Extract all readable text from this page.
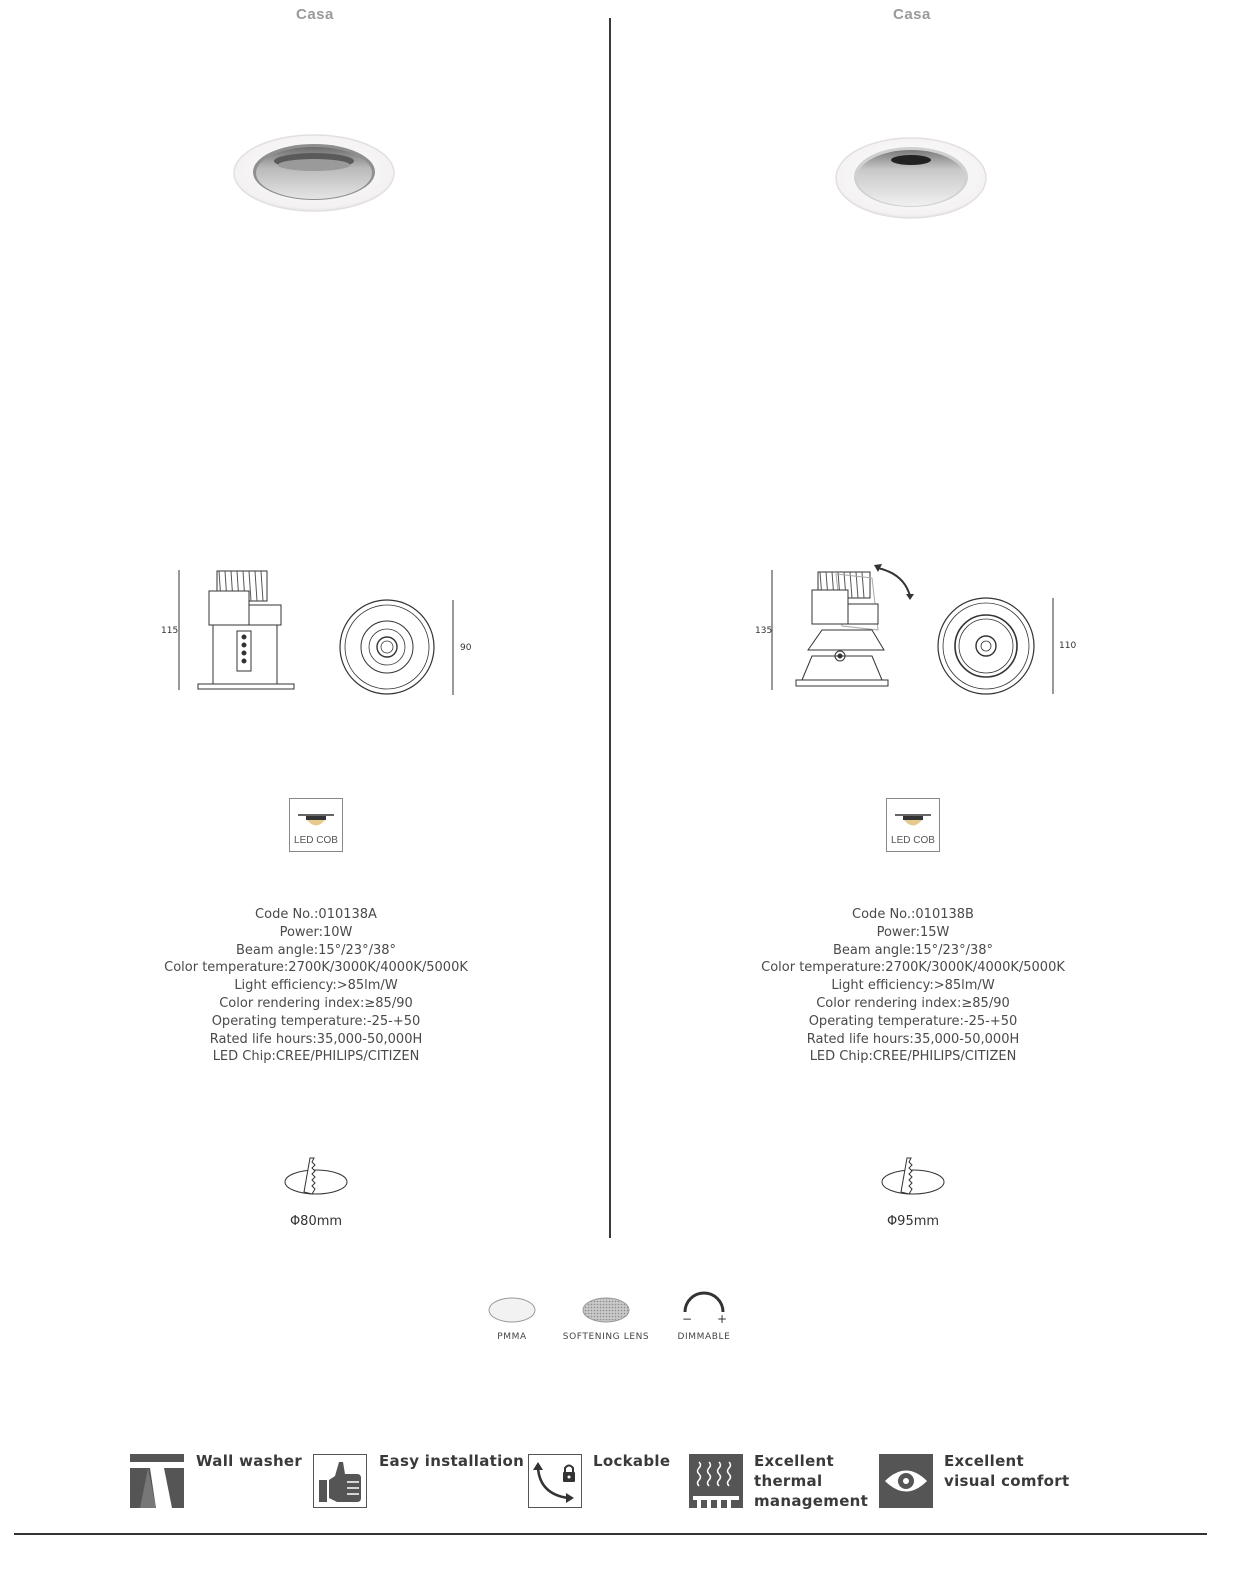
Casa
115
90
LED COB
Code No.:010138A
Power:10W
Beam angle:15°/23°/38°
Color temperature:2700K/3000K/4000K/5000K
Light efficiency:>85lm/W
Color rendering index:≥85/90
Operating temperature:-25-+50
Rated life hours:35,000-50,000H
LED Chip:CREE/PHILIPS/CITIZEN
Φ80mm
Casa
135
110
LED COB
Code No.:010138B
Power:15W
Beam angle:15°/23°/38°
Color temperature:2700K/3000K/4000K/5000K
Light efficiency:>85lm/W
Color rendering index:≥85/90
Operating temperature:-25-+50
Rated life hours:35,000-50,000H
LED Chip:CREE/PHILIPS/CITIZEN
Φ95mm
PMMA	SOFTENING LENS
− +
DIMMABLE
Wall washer	Easy installation	Lockable	Excellent
thermal
management
Excellent
visual comfort
